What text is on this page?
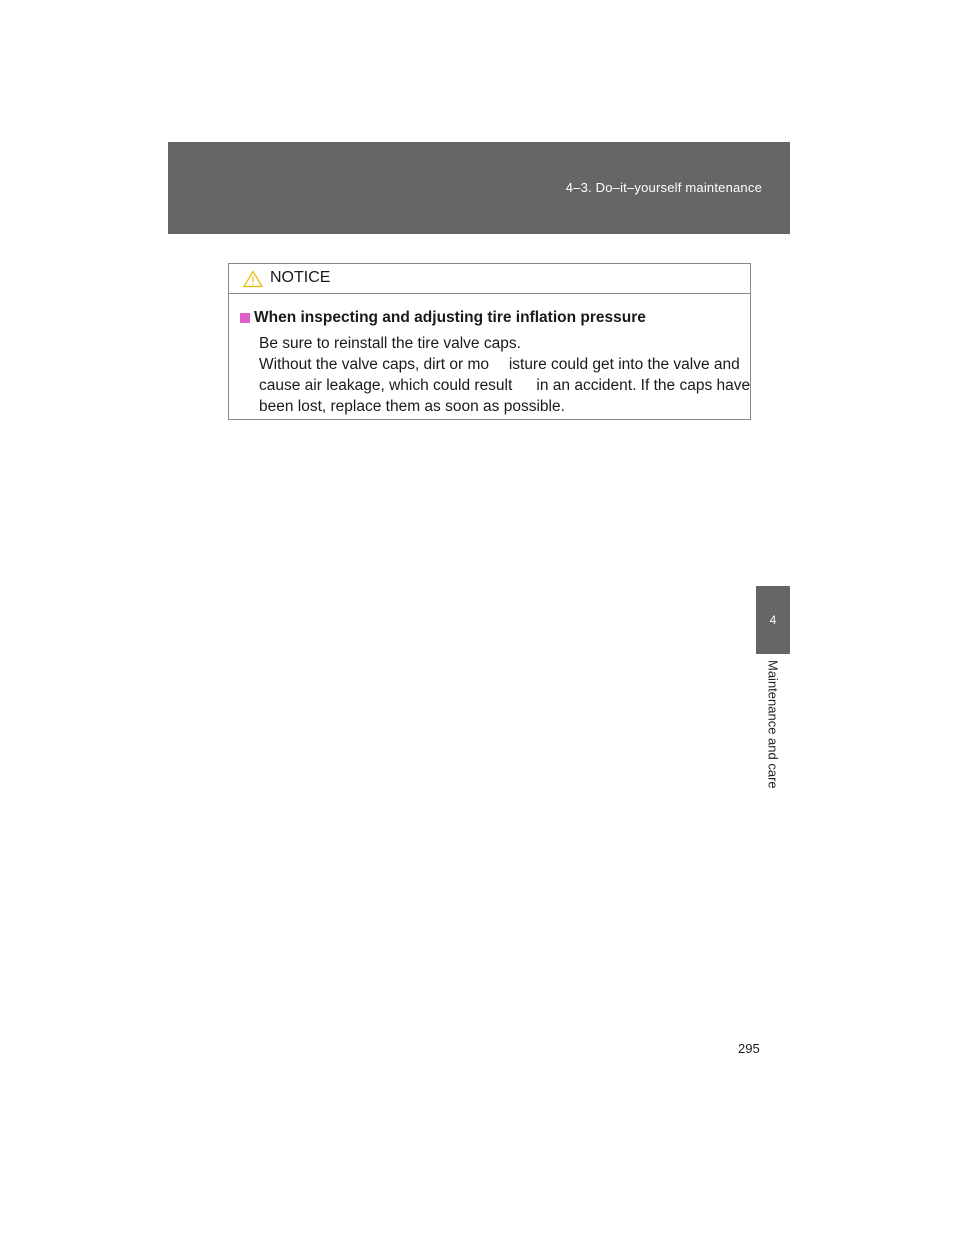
4–3. Do–it–yourself maintenance
4
Maintenance and care
NOTICE
When inspecting and adjusting tire inflation pressure
Be sure to reinstall the tire valve caps.
Without the valve caps, dirt or mo  isture could get into the valve and
cause air leakage, which could result   in an accident. If the caps have
been lost, replace them as soon as possible.
295
